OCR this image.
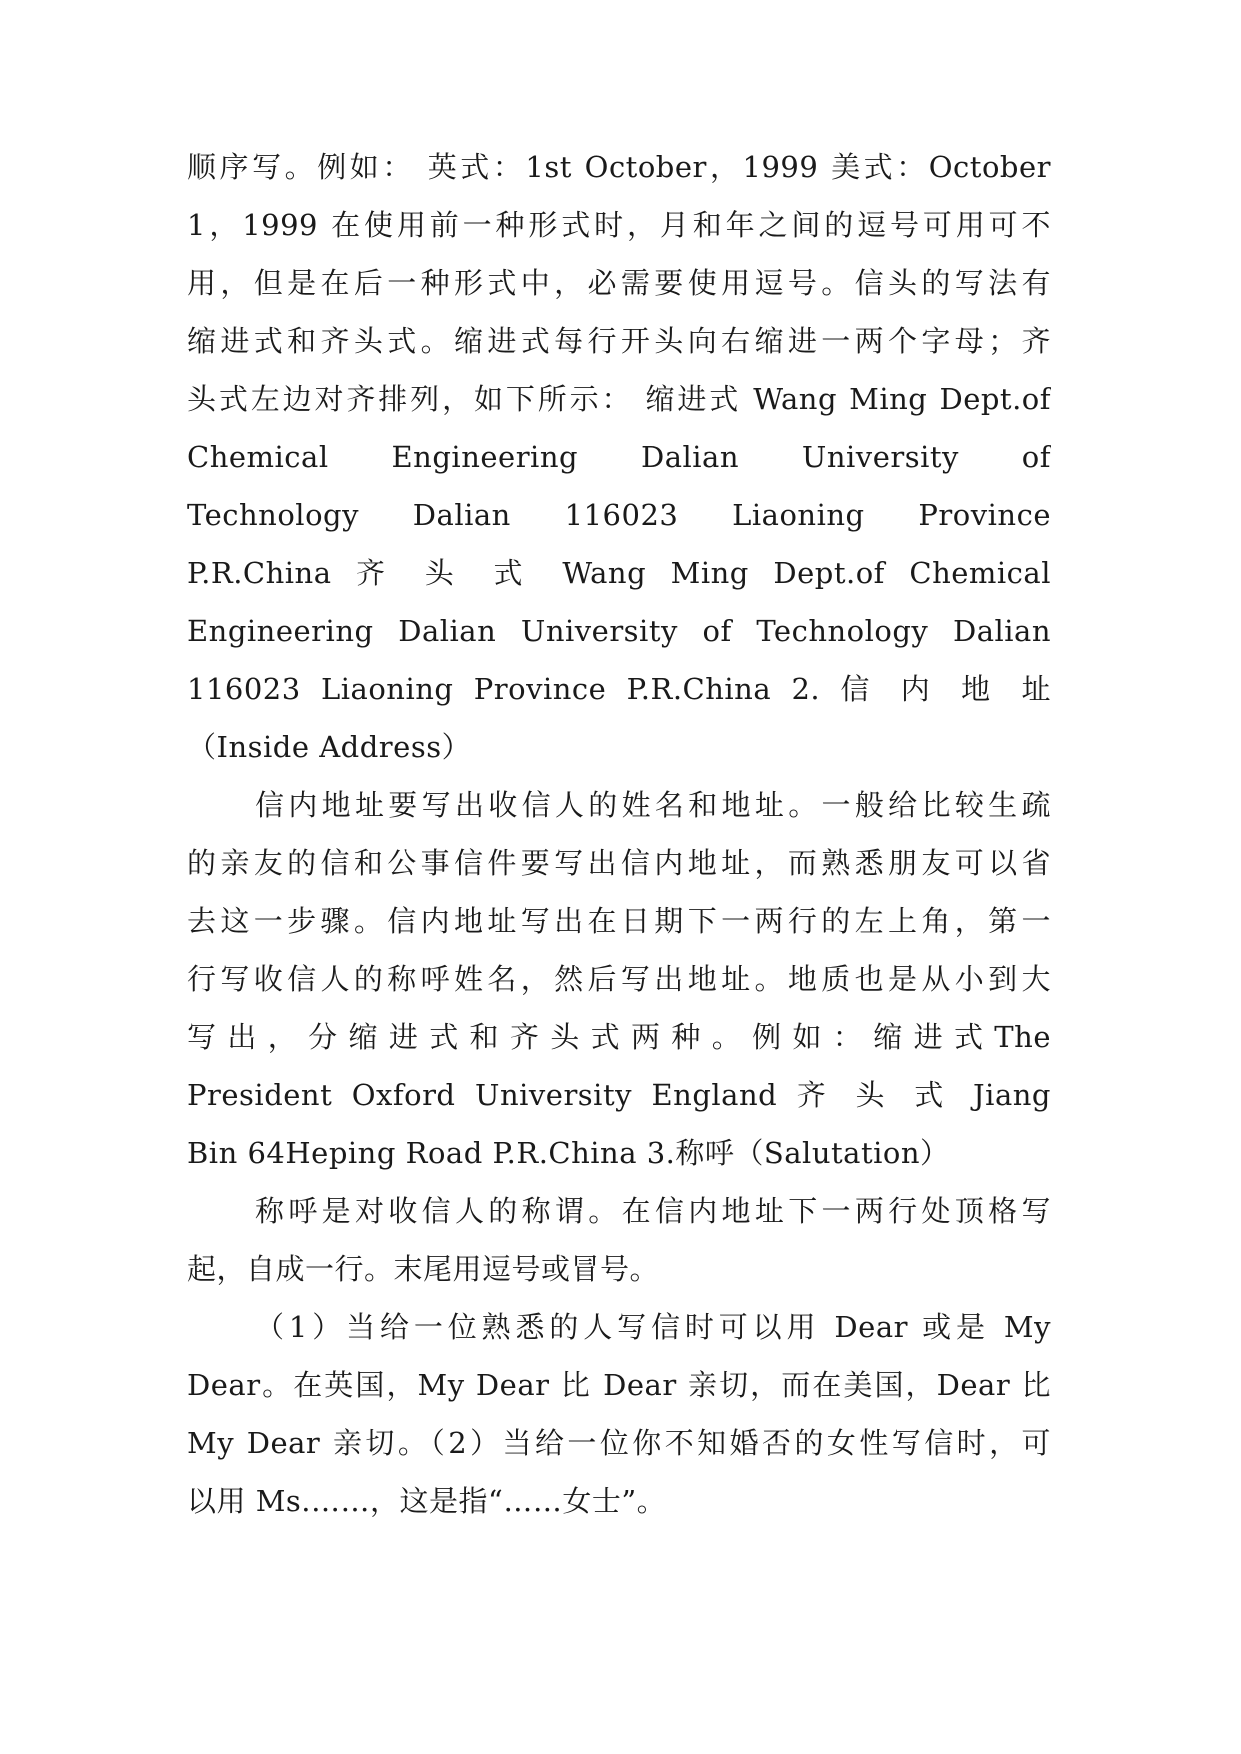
顺序写。例如： 英式：1st October，1999 美式：October
1，1999 在使用前一种形式时，月和年之间的逗号可用可不
用，但是在后一种形式中，必需要使用逗号。信头的写法有
缩进式和齐头式。缩进式每行开头向右缩进一两个字母；齐
头式左边对齐排列，如下所示： 缩进式 Wang Ming Dept.of
Chemical Engineering Dalian University of
Technology Dalian 116023 Liaoning Province
P.R.China 齐 头 式 Wang Ming Dept.of Chemical
Engineering Dalian University of Technology Dalian
116023 Liaoning Province P.R.China 2. 信 内 地 址
（Inside Address）
信内地址要写出收信人的姓名和地址。一般给比较生疏
的亲友的信和公事信件要写出信内地址，而熟悉朋友可以省
去这一步骤。信内地址写出在日期下一两行的左上角，第一
行写收信人的称呼姓名，然后写出地址。地质也是从小到大
写 出 ， 分 缩 进 式 和 齐 头 式 两 种 。 例 如 ： 缩 进 式 The
President Oxford University England 齐 头 式 Jiang
Bin 64Heping Road P.R.China 3.称呼（Salutation）
称呼是对收信人的称谓。在信内地址下一两行处顶格写
起，自成一行。末尾用逗号或冒号。
（1）当给一位熟悉的人写信时可以用 Dear 或是 My
Dear。在英国，My Dear 比 Dear 亲切，而在美国，Dear 比
My Dear 亲切。（2）当给一位你不知婚否的女性写信时，可
以用 Ms.……，这是指“……女士”。
